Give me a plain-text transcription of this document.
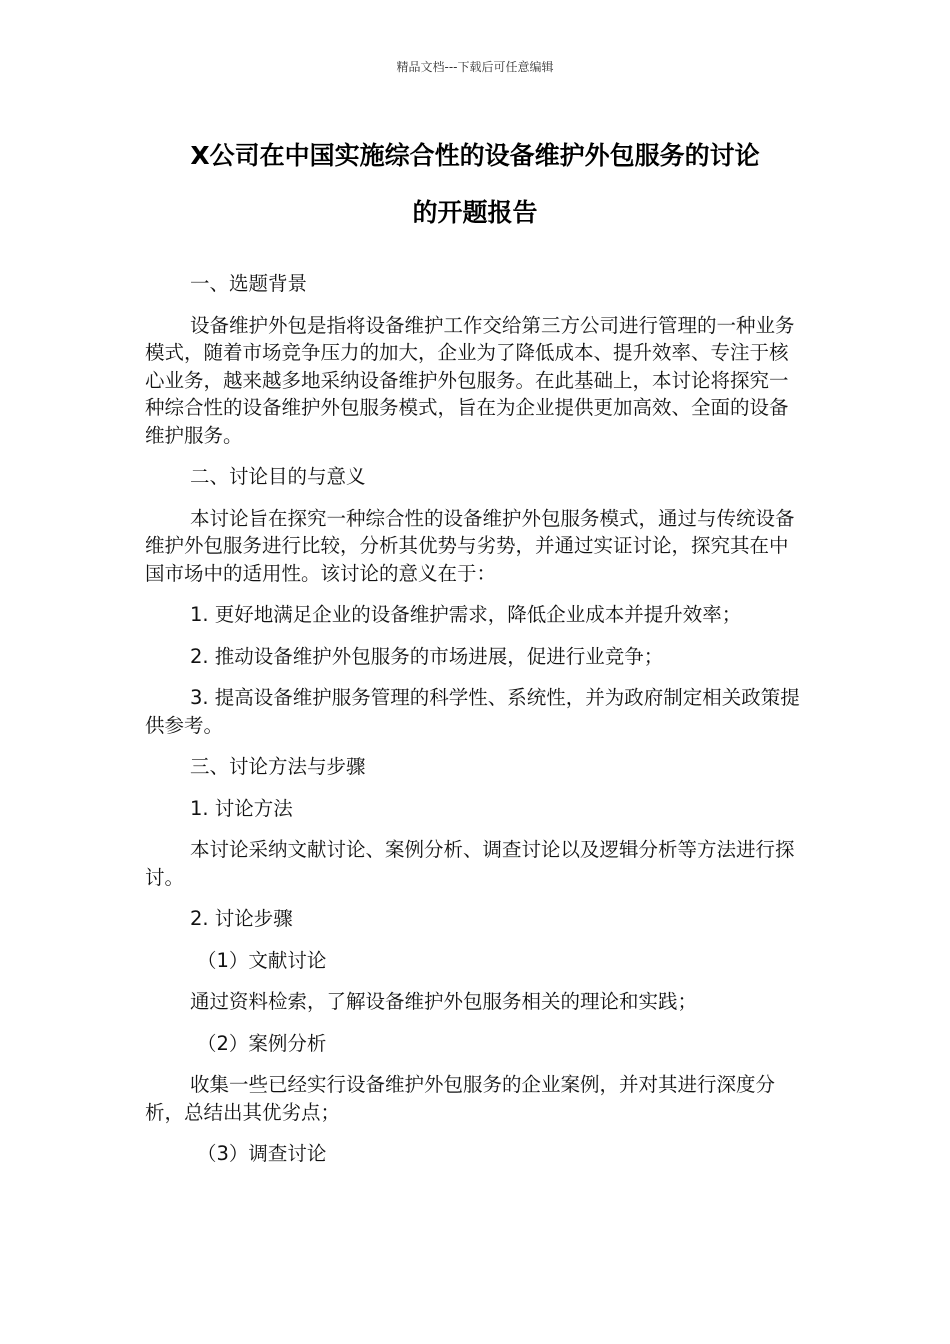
精品文档---下载后可任意编辑
X公司在中国实施综合性的设备维护外包服务的讨论
的开题报告

一、选题背景

设备维护外包是指将设备维护工作交给第三方公司进行管理的一种业务模式，随着市场竞争压力的加大，企业为了降低成本、提升效率、专注于核心业务，越来越多地采纳设备维护外包服务。在此基础上，本讨论将探究一种综合性的设备维护外包服务模式，旨在为企业提供更加高效、全面的设备维护服务。

二、讨论目的与意义

本讨论旨在探究一种综合性的设备维护外包服务模式，通过与传统设备维护外包服务进行比较，分析其优势与劣势，并通过实证讨论，探究其在中国市场中的适用性。该讨论的意义在于：

1. 更好地满足企业的设备维护需求，降低企业成本并提升效率；

2. 推动设备维护外包服务的市场进展，促进行业竞争；

3. 提高设备维护服务管理的科学性、系统性，并为政府制定相关政策提供参考。

三、讨论方法与步骤

1. 讨论方法

本讨论采纳文献讨论、案例分析、调查讨论以及逻辑分析等方法进行探讨。

2. 讨论步骤

（1）文献讨论

通过资料检索，了解设备维护外包服务相关的理论和实践；

（2）案例分析

收集一些已经实行设备维护外包服务的企业案例，并对其进行深度分析，总结出其优劣点；

（3）调查讨论
